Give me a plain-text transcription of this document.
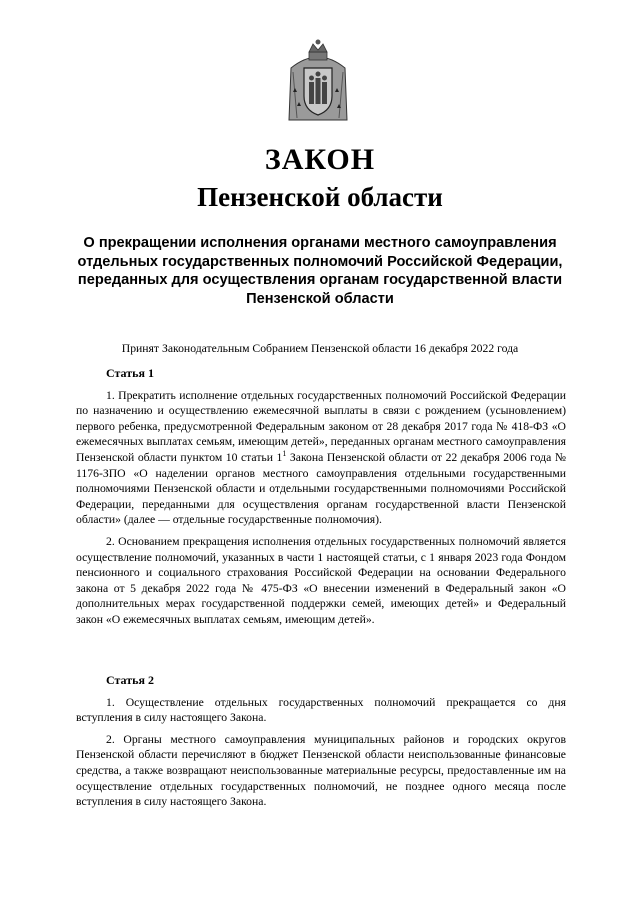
ЗАКОН
Пензенской области

О прекращении исполнения органами местного самоуправления отдельных государственных полномочий Российской Федерации, переданных для осуществления органам государственной власти Пензенской области

Принят Законодательным Собранием Пензенской области 16 декабря 2022 года

Статья 1

1. Прекратить исполнение отдельных государственных полномочий Российской Федерации по назначению и осуществлению ежемесячной выплаты в связи с рождением (усыновлением) первого ребенка, предусмотренной Федеральным законом от 28 декабря 2017 года № 418-ФЗ «О ежемесячных выплатах семьям, имеющим детей», переданных органам местного самоуправления Пензенской области пунктом 10 статьи $1^1$ Закона Пензенской области от 22 декабря 2006 года № 1176-ЗПО «О наделении органов местного самоуправления отдельными государственными полномочиями Пензенской области и отдельными государственными полномочиями Российской Федерации, переданными для осуществления органам государственной власти Пензенской области» (далее — отдельные государственные полномочия).

2. Основанием прекращения исполнения отдельных государственных полномочий является осуществление полномочий, указанных в части 1 настоящей статьи, с 1 января 2023 года Фондом пенсионного и социального страхования Российской Федерации на основании Федерального закона от 5 декабря 2022 года № 475-ФЗ «О внесении изменений в Федеральный закон «О дополнительных мерах государственной поддержки семей, имеющих детей» и Федеральный закон «О ежемесячных выплатах семьям, имеющим детей».

Статья 2

1. Осуществление отдельных государственных полномочий прекращается со дня вступления в силу настоящего Закона.

2. Органы местного самоуправления муниципальных районов и городских округов Пензенской области перечисляют в бюджет Пензенской области неиспользованные финансовые средства, а также возвращают неиспользованные материальные ресурсы, предоставленные им на осуществление отдельных государственных полномочий, не позднее одного месяца после вступления в силу настоящего Закона.
